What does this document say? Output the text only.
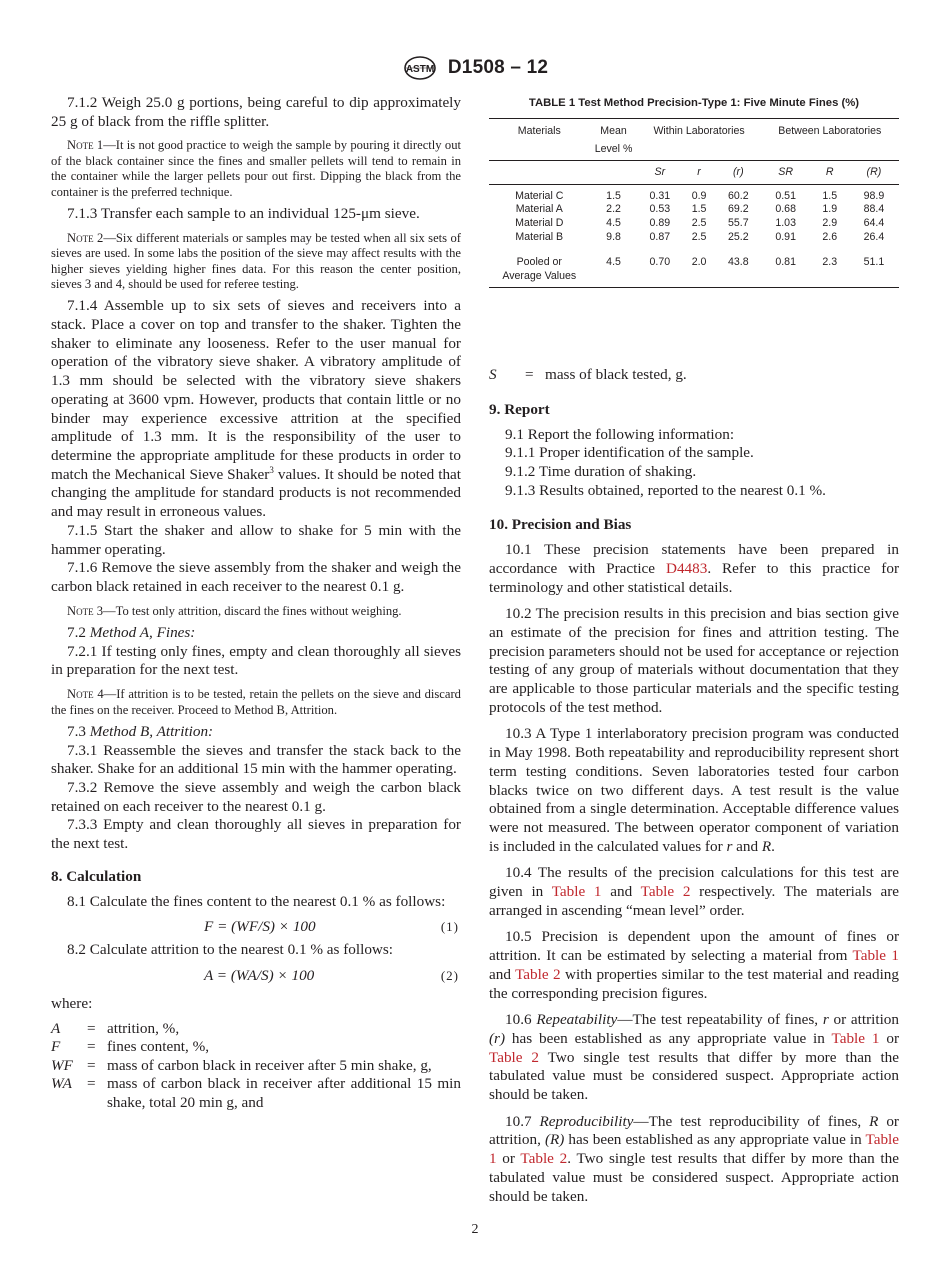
ASTM D1508 – 12

7.1.2 Weigh 25.0 g portions, being careful to dip approximately 25 g of black from the riffle splitter.

Note 1—It is not good practice to weigh the sample by pouring it directly out of the black container since the fines and smaller pellets will tend to remain in the container while the larger pellets pour out first. Dipping the black from the container is the preferred technique.

7.1.3 Transfer each sample to an individual 125-μm sieve.

Note 2—Six different materials or samples may be tested when all six sets of sieves are used. In some labs the position of the sieve may affect results with the higher sieves yielding higher fines data. For this reason the center position, sieves 3 and 4, should be used for referee testing.

7.1.4 Assemble up to six sets of sieves and receivers into a stack. Place a cover on top and transfer to the shaker. Tighten the shaker to eliminate any looseness. Refer to the user manual for operation of the vibratory sieve shaker. A vibratory amplitude of 1.3 mm should be selected with the vibratory sieve shakers operating at 3600 vpm. However, products that contain little or no binder may experience excessive attrition at the specified amplitude of 1.3 mm. It is the responsibility of the user to determine the appropriate amplitude for these products in order to match the Mechanical Sieve Shaker$^3$ values. It should be noted that changing the amplitude for standard products is not recommended and may result in erroneous values.

7.1.5 Start the shaker and allow to shake for 5 min with the hammer operating.

7.1.6 Remove the sieve assembly from the shaker and weigh the carbon black retained in each receiver to the nearest 0.1 g.

Note 3—To test only attrition, discard the fines without weighing.

7.2 Method A, Fines:

7.2.1 If testing only fines, empty and clean thoroughly all sieves in preparation for the next test.

Note 4—If attrition is to be tested, retain the pellets on the sieve and discard the fines on the receiver. Proceed to Method B, Attrition.

7.3 Method B, Attrition:

7.3.1 Reassemble the sieves and transfer the stack back to the shaker. Shake for an additional 15 min with the hammer operating.

7.3.2 Remove the sieve assembly and weigh the carbon black retained on each receiver to the nearest 0.1 g.

7.3.3 Empty and clean thoroughly all sieves in preparation for the next test.

8. Calculation

8.1 Calculate the fines content to the nearest 0.1 % as follows:

F = (WF/S) × 100	(1)

8.2 Calculate attrition to the nearest 0.1 % as follows:

A = (WA/S) × 100	(2)

where:

A	= attrition, %,
F	= fines content, %,
WF = mass of carbon black in receiver after 5 min shake, g,
WA = mass of carbon black in receiver after additional 15 min shake, total 20 min g, and
TABLE 1 Test Method Precision-Type 1: Five Minute Fines (%)
Materials	Mean Level %	Within Laboratories			Between Laboratories		

		Sr	r	(r)	SR	R	(R)
Material C	1.5	0.31	0.9	60.2	0.51	1.5	98.9
Material A	2.2	0.53	1.5	69.2	0.68	1.9	88.4
Material D	4.5	0.89	2.5	55.7	1.03	2.9	64.4
Material B	9.8	0.87	2.5	25.2	0.91	2.6	26.4

Pooled or
Average Values	4.5	0.70	2.0	43.8	0.81	2.3	51.1
S	= mass of black tested, g.
9. Report

9.1 Report the following information:

9.1.1 Proper identification of the sample.

9.1.2 Time duration of shaking.

9.1.3 Results obtained, reported to the nearest 0.1 %.

10. Precision and Bias

10.1 These precision statements have been prepared in accordance with Practice D4483. Refer to this practice for terminology and other statistical details.

10.2 The precision results in this precision and bias section give an estimate of the precision for fines and attrition testing. The precision parameters should not be used for acceptance or rejection testing of any group of materials without documentation that they are applicable to those particular materials and the specific testing protocols of the test method.

10.3 A Type 1 interlaboratory precision program was conducted in May 1998. Both repeatability and reproducibility represent short term testing conditions. Seven laboratories tested four carbon blacks twice on two different days. A test result is the value obtained from a single determination. Acceptable difference values were not measured. The between operator component of variation is included in the calculated values for r and R.

10.4 The results of the precision calculations for this test are given in Table 1 and Table 2 respectively. The materials are arranged in ascending “mean level” order.

10.5 Precision is dependent upon the amount of fines or attrition. It can be estimated by selecting a material from Table 1 and Table 2 with properties similar to the test material and reading the corresponding precision figures.

10.6 Repeatability—The test repeatability of fines, r or attrition (r) has been established as any appropriate value in Table 1 or Table 2 Two single test results that differ by more than the tabulated value must be considered suspect. Appropriate action should be taken.

10.7 Reproducibility—The test reproducibility of fines, R or attrition, (R) has been established as any appropriate value in Table 1 or Table 2. Two single test results that differ by more than the tabulated value must be considered suspect. Appropriate action should be taken.

2
